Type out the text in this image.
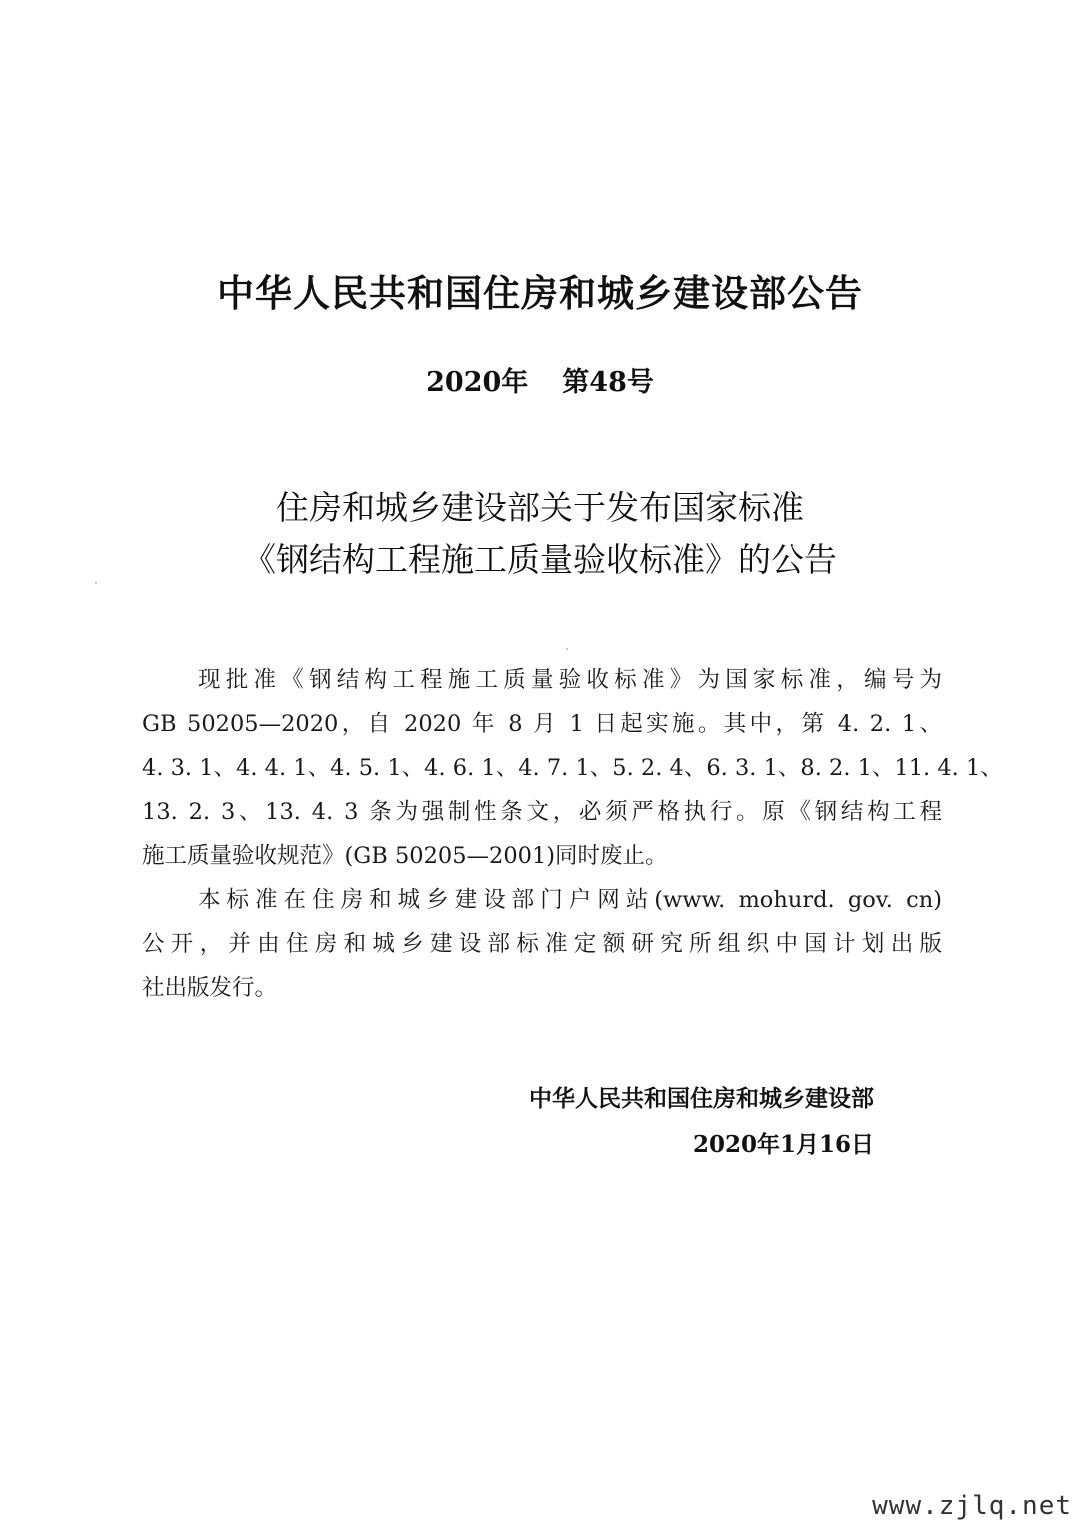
中华人民共和国住房和城乡建设部公告
2020年 第48号
住房和城乡建设部关于发布国家标准
《钢结构工程施工质量验收标准》的公告
现批准《钢结构工程施工质量验收标准》为国家标准，编号为
GB 50205—2020，自 2020 年 8 月 1 日起实施。其中，第 4. 2. 1、
4. 3. 1、4. 4. 1、4. 5. 1、4. 6. 1、4. 7. 1、5. 2. 4、6. 3. 1、8. 2. 1、11. 4. 1、
13. 2. 3、13. 4. 3 条为强制性条文，必须严格执行。原《钢结构工程
施工质量验收规范》(GB 50205—2001)同时废止。
本标准在住房和城乡建设部门户网站(www. mohurd. gov. cn)
公开，并由住房和城乡建设部标准定额研究所组织中国计划出版
社出版发行。
中华人民共和国住房和城乡建设部
2020年1月16日
www.zjlq.net
